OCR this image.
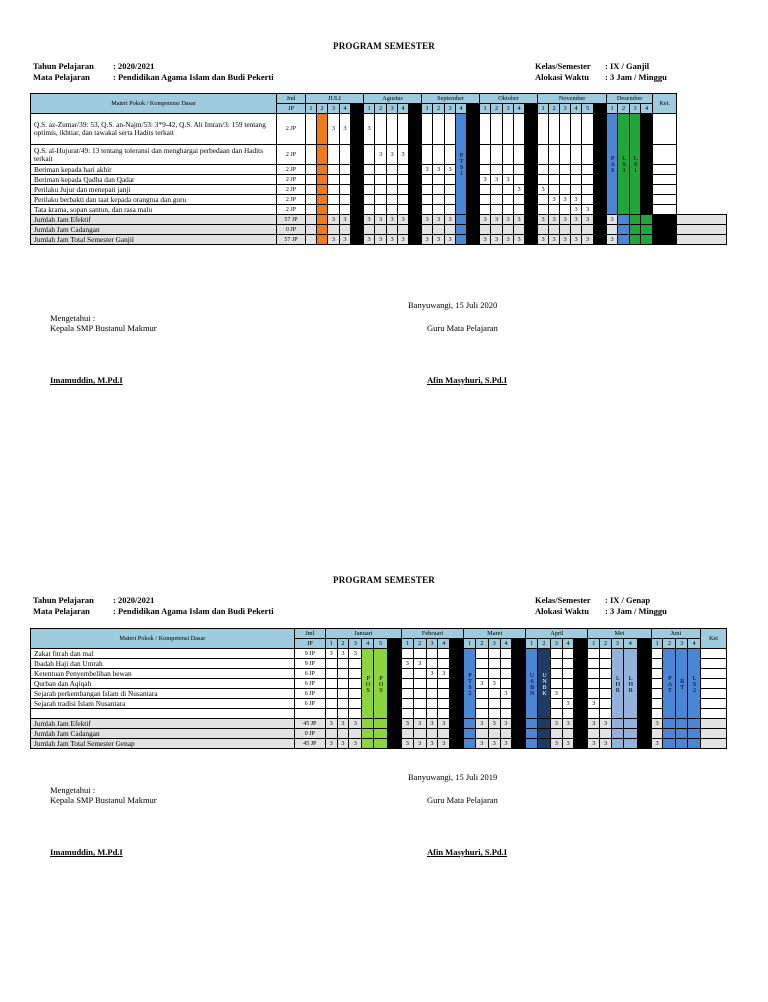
PROGRAM SEMESTER
Tahun Pelajaran	: 2020/2021
Mata Pelajaran	: Pendidikan Agama Islam dan Budi Pekerti
Kelas/Semester	: IX / Ganjil
Alokasi Waktu	: 3 Jam / Minggu
Materi Pokok / Kompetensi Dasar	Jml	JULI					Agustus					September					Oktober					November						Desember				Ket.	
	JP	1	2	3	4		1	2	3	4		1	2	3	4		1	2	3	4		1	2	3	4	5		1	2	3	4		
Q.S. az-Zumar/39: 53, Q.S. an-Najm/53: 3*9-42, Q.S. Ali Imran/3: 159 tentang optimis, ikhtiar, dan tawakal serta Hadits terkait	2 JP			3	3		3								PTS1													PAS	LS1	LS1			
Q.S. al-Hujurat/49: 13 tentang toleransi dan menghargai perbedaan dan Hadits terkait	2 JP							3	3	3																							
Beriman kepada hari akhir	2 JP											3	3	3																			
Beriman kepada Qadha dan Qadar	2 JP																3	3	3														
Perilaku Jujur dan menepati janji	2 JP																			3		3											
Perilaku berbakti dan taat kepada orangtua dan guru	2 JP																						3	3	3								
Tata krama, sopan santun, dan rasa malu	2 JP																								3	3							
Jumlah Jam Efektif	57 JP			3	3		3	3	3	3		3	3	3			3	3	3	3		3	3	3	3	3		3					
Jumlah Jam Cadangan	0 JP																																
Jumlah Jam Total Semester Ganjil	57 JP			3	3		3	3	3	3		3	3	3			3	3	3	3		3	3	3	3	3		3					
Banyuwangi, 15 Juli 2020
Mengetahui :
Kepala SMP Bustanul Makmur	Guru Mata Pelajaran
Imamuddin, M.Pd.I	Afin Masyhuri, S.Pd.I
PROGRAM SEMESTER
Tahun Pelajaran	: 2020/2021
Mata Pelajaran	: Pendidikan Agama Islam dan Budi Pekerti
Kelas/Semester	: IX / Genap
Alokasi Waktu	: 3 Jam / Minggu
Materi Pokok / Kompetensi Dasar	Jml	Januari						Februari					Maret					April					Mei					Juni				Ket
	JP	1	2	3	4	5		1	2	3	4		1	2	3	4		1	2	3	4		1	2	3	4		1	2	3	4	
Zakat fitrah dan mal	9 JP	3	3	3	POS	POS							PTS2					USBN	UNBK						LHR	LHR			PAT	RT	LS2	
Ibadah Haji dan Umrah	9 JP							3	3																							
Ketentuan Penyembelihan hewan	6 JP									3	3																					
Qurban dan Aqiqah	6 JP													3	3																	
Sejarah perkembangan Islam di Nusantara	6 JP															3				3												
Sejarah tradisi Islam Nusantara	6 JP																				3		3									

Jumlah Jam Efektif	45 JP	3	3	3				3	3	3	3			3	3	3				3	3		3	3				3				
Jumlah Jam Cadangan	0 JP																															
Jumlah Jam Total Semester Genap	45 JP	3	3	3				3	3	3	3			3	3	3				3	3		3	3				3				
Banyuwangi, 15 Juli 2019
Mengetahui :
Kepala SMP Bustanul Makmur	Guru Mata Pelajaran
Imamuddin, M.Pd.I	Afin Masyhuri, S.Pd.I
